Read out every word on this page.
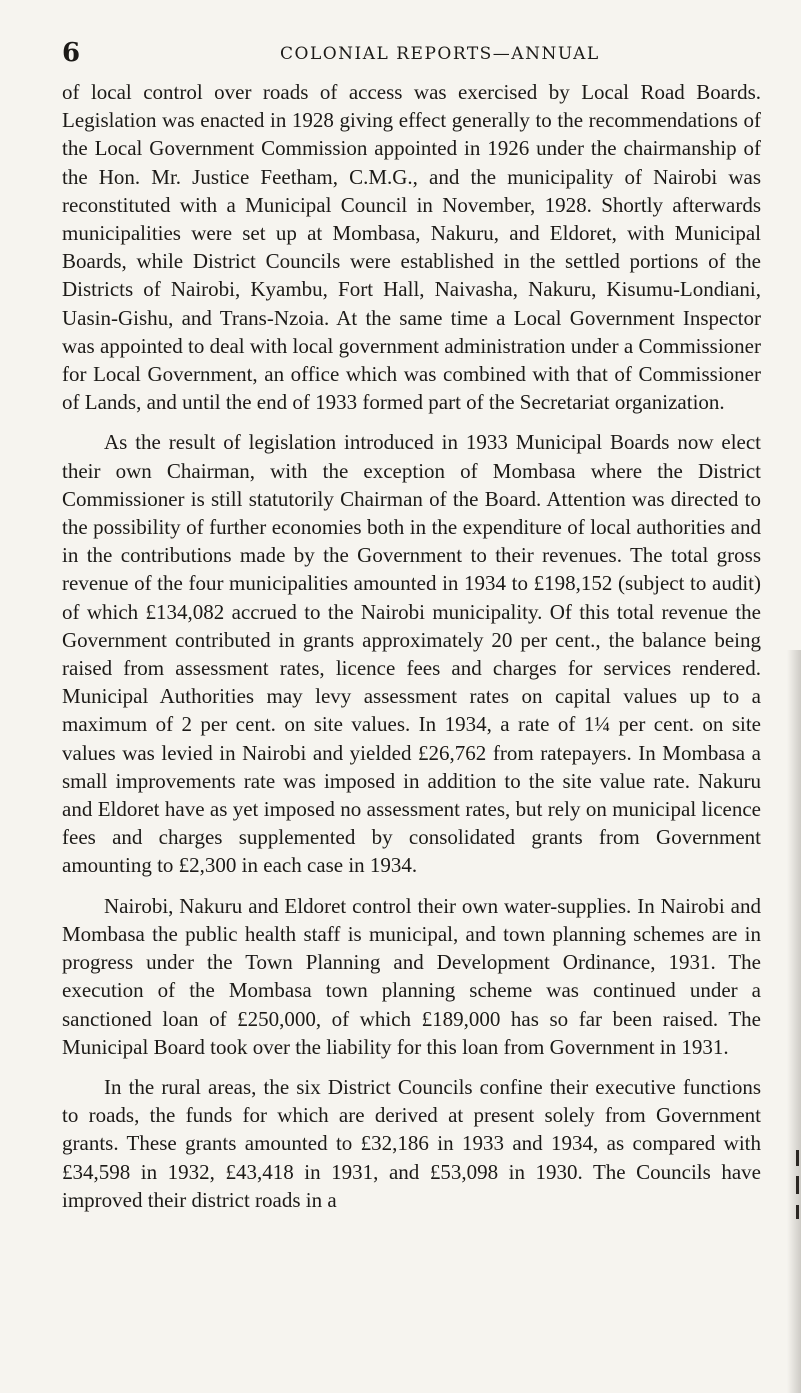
6	COLONIAL REPORTS—ANNUAL

of local control over roads of access was exercised by Local Road Boards. Legislation was enacted in 1928 giving effect generally to the recommendations of the Local Government Commission appointed in 1926 under the chairmanship of the Hon. Mr. Justice Feetham, C.M.G., and the municipality of Nairobi was reconstituted with a Municipal Council in November, 1928. Shortly afterwards municipalities were set up at Mombasa, Nakuru, and Eldoret, with Municipal Boards, while District Councils were established in the settled portions of the Districts of Nairobi, Kyambu, Fort Hall, Naivasha, Nakuru, Kisumu-Londiani, Uasin-Gishu, and Trans-Nzoia. At the same time a Local Government Inspector was appointed to deal with local government administration under a Commissioner for Local Government, an office which was combined with that of Commissioner of Lands, and until the end of 1933 formed part of the Secretariat organization.

As the result of legislation introduced in 1933 Municipal Boards now elect their own Chairman, with the exception of Mombasa where the District Commissioner is still statutorily Chairman of the Board. Attention was directed to the possibility of further economies both in the expenditure of local authorities and in the contributions made by the Government to their revenues. The total gross revenue of the four municipalities amounted in 1934 to £198,152 (subject to audit) of which £134,082 accrued to the Nairobi municipality. Of this total revenue the Government contributed in grants approximately 20 per cent., the balance being raised from assessment rates, licence fees and charges for services rendered. Municipal Authorities may levy assessment rates on capital values up to a maximum of 2 per cent. on site values. In 1934, a rate of 1¼ per cent. on site values was levied in Nairobi and yielded £26,762 from ratepayers. In Mombasa a small improvements rate was imposed in addition to the site value rate. Nakuru and Eldoret have as yet imposed no assessment rates, but rely on municipal licence fees and charges supplemented by consolidated grants from Government amounting to £2,300 in each case in 1934.

Nairobi, Nakuru and Eldoret control their own water-supplies. In Nairobi and Mombasa the public health staff is municipal, and town planning schemes are in progress under the Town Planning and Development Ordinance, 1931. The execution of the Mombasa town planning scheme was continued under a sanctioned loan of £250,000, of which £189,000 has so far been raised. The Municipal Board took over the liability for this loan from Government in 1931.

In the rural areas, the six District Councils confine their executive functions to roads, the funds for which are derived at present solely from Government grants. These grants amounted to £32,186 in 1933 and 1934, as compared with £34,598 in 1932, £43,418 in 1931, and £53,098 in 1930. The Councils have improved their district roads in a
